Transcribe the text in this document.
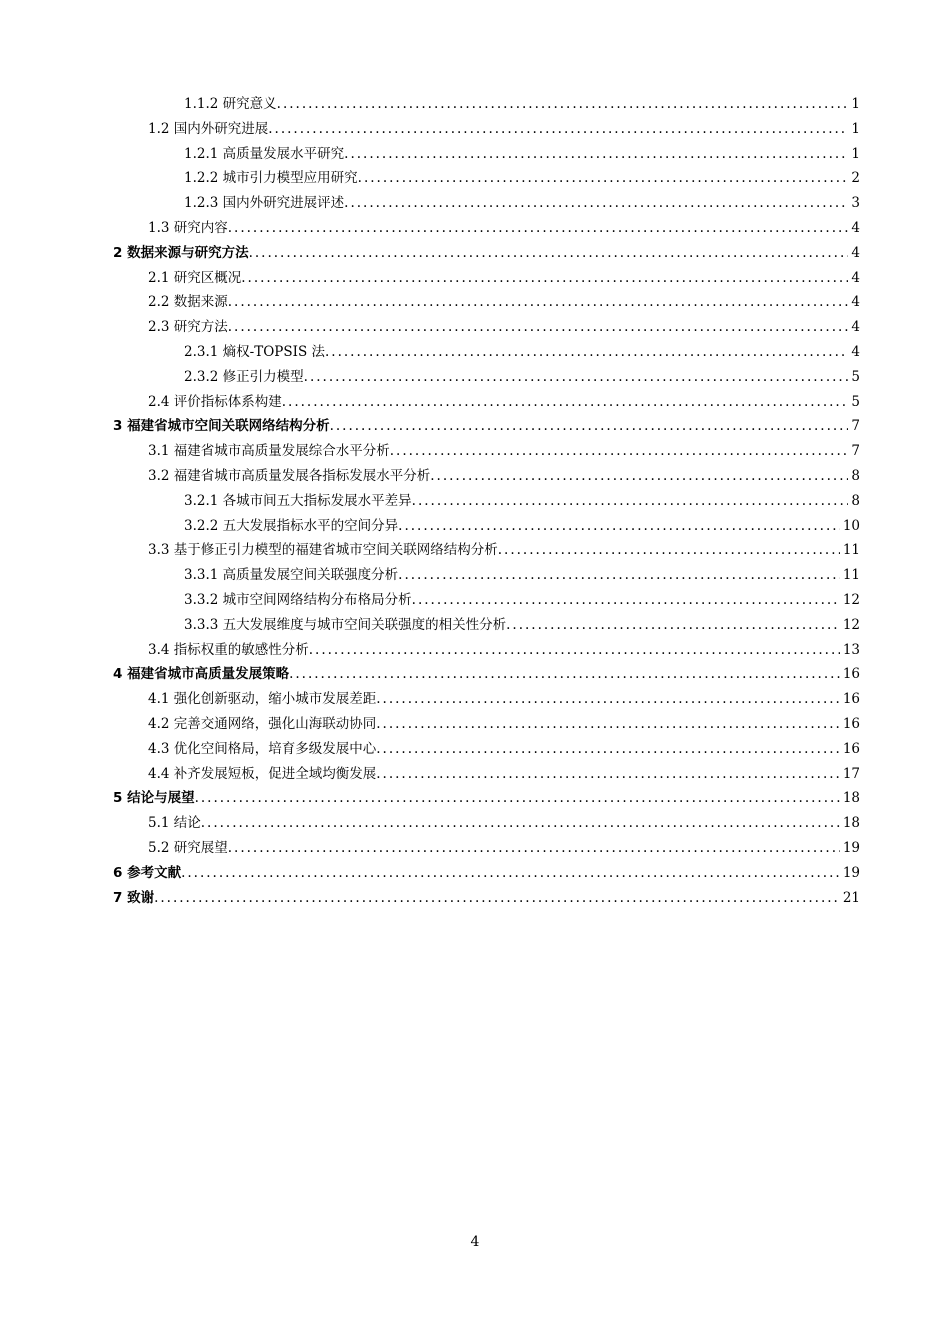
1.1.2 研究意义 .....	1
1.2 国内外研究进展 .....	1
1.2.1 高质量发展水平研究 .....	1
1.2.2 城市引力模型应用研究 .....	2
1.2.3 国内外研究进展评述 .....	3
1.3 研究内容 .....	4
2 数据来源与研究方法 .....	4
2.1 研究区概况 .....	4
2.2 数据来源 .....	4
2.3 研究方法 .....	4
2.3.1 熵权-TOPSIS 法 .....	4
2.3.2 修正引力模型 .....	5
2.4 评价指标体系构建 .....	5
3 福建省城市空间关联网络结构分析 .....	7
3.1 福建省城市高质量发展综合水平分析 .....	7
3.2 福建省城市高质量发展各指标发展水平分析 .....	8
3.2.1 各城市间五大指标发展水平差异 .....	8
3.2.2 五大发展指标水平的空间分异 .....	10
3.3 基于修正引力模型的福建省城市空间关联网络结构分析 .....	11
3.3.1 高质量发展空间关联强度分析 .....	11
3.3.2 城市空间网络结构分布格局分析 .....	12
3.3.3 五大发展维度与城市空间关联强度的相关性分析 .....	12
3.4 指标权重的敏感性分析 .....	13
4 福建省城市高质量发展策略 .....	16
4.1 强化创新驱动，缩小城市发展差距 .....	16
4.2 完善交通网络，强化山海联动协同 .....	16
4.3 优化空间格局，培育多级发展中心 .....	16
4.4 补齐发展短板，促进全域均衡发展 .....	17
5 结论与展望 .....	18
5.1 结论 .....	18
5.2 研究展望 .....	19
6 参考文献 .....	19
7 致谢 .....	21
4
